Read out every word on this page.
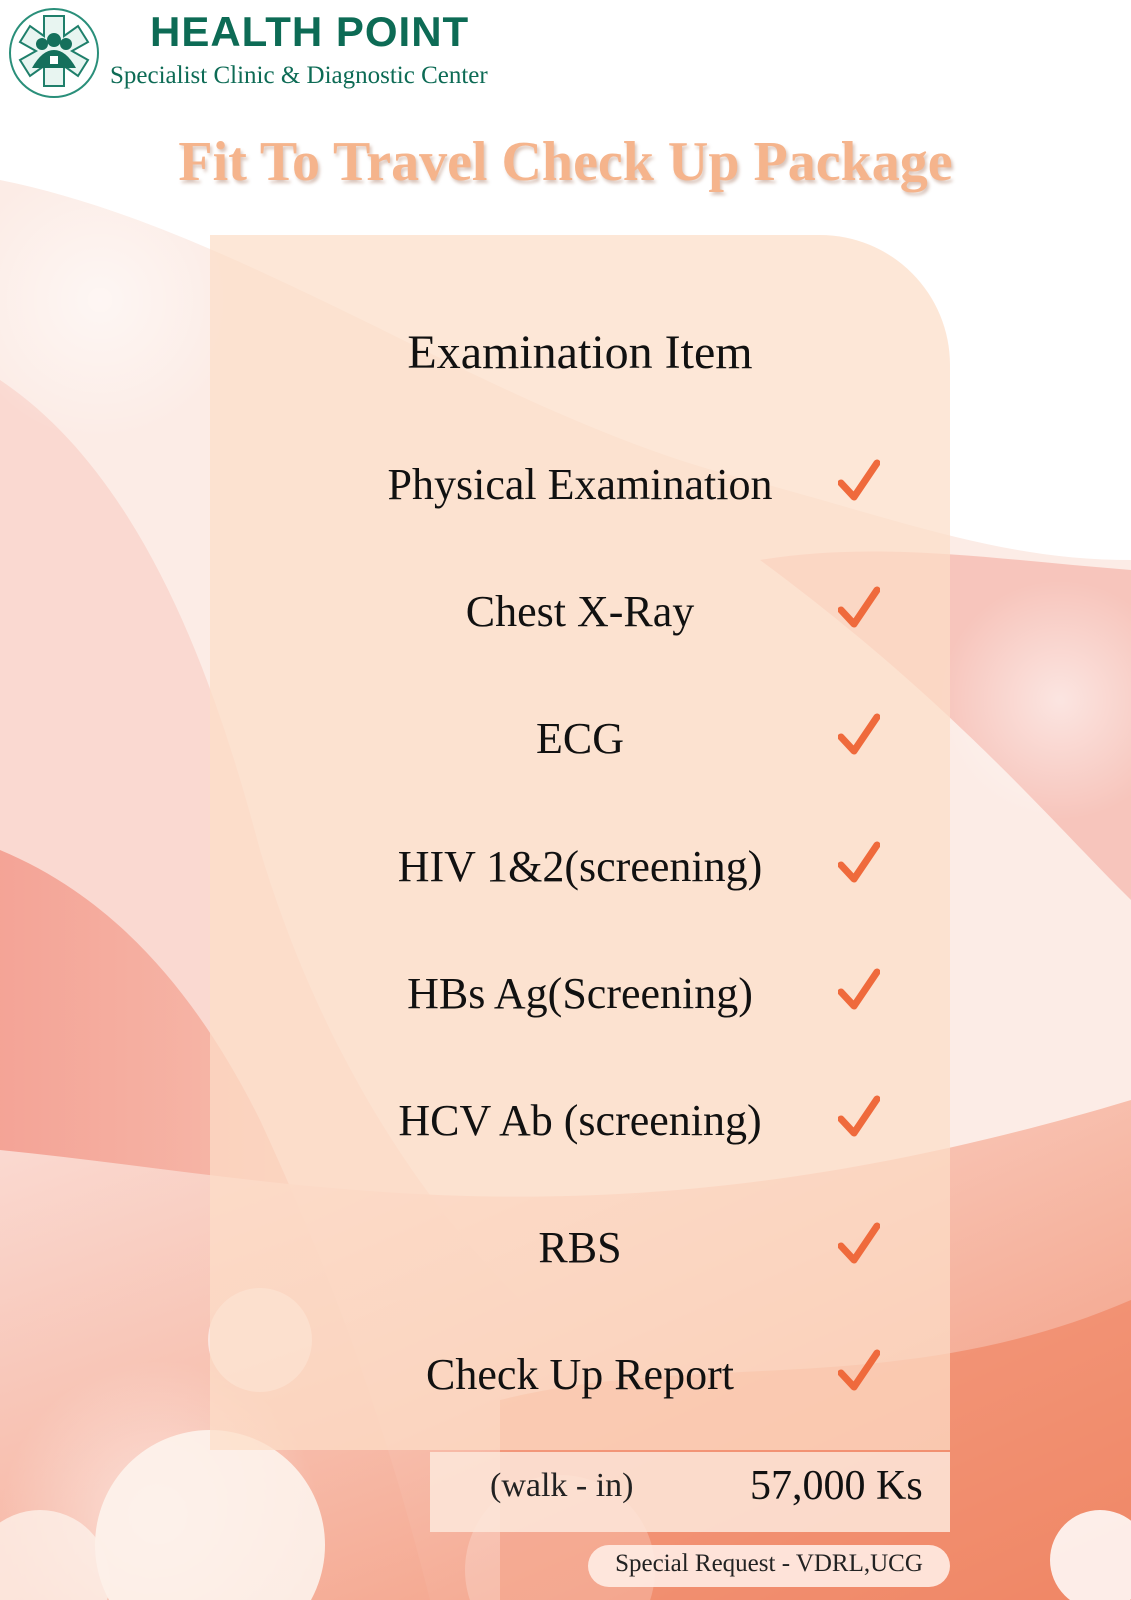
HEALTH POINT
Specialist Clinic & Diagnostic Center
Fit To Travel Check Up Package
Examination Item
Physical Examination
Chest X-Ray
ECG
HIV 1&2(screening)
HBs Ag(Screening)
HCV Ab (screening)
RBS
Check Up Report
(walk - in)	57,000 Ks
Special Request - VDRL,UCG
